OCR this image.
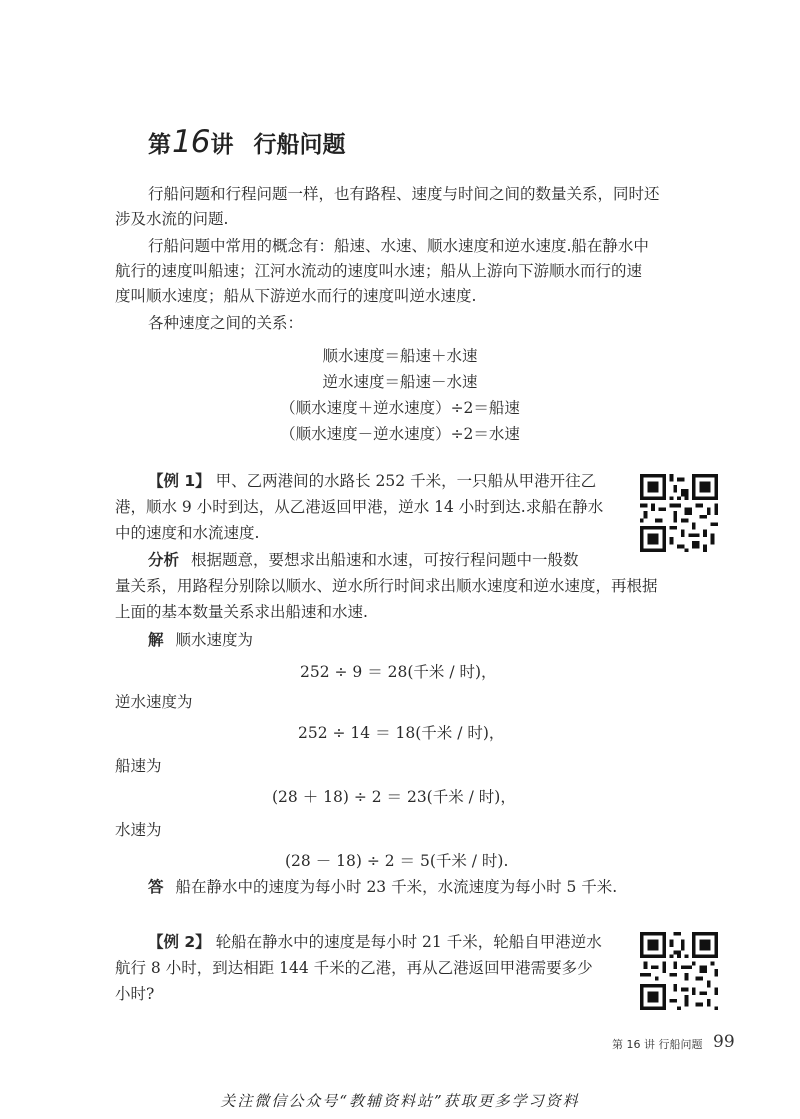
第 16 讲 行船问题
行船问题和行程问题一样，也有路程、速度与时间之间的数量关系，同时还
涉及水流的问题.
行船问题中常用的概念有：船速、水速、顺水速度和逆水速度.船在静水中
航行的速度叫船速；江河水流动的速度叫水速；船从上游向下游顺水而行的速
度叫顺水速度；船从下游逆水而行的速度叫逆水速度.
各种速度之间的关系：
顺水速度＝船速＋水速
逆水速度＝船速－水速
（顺水速度＋逆水速度）÷2＝船速
（顺水速度－逆水速度）÷2＝水速
【例 1】 甲、乙两港间的水路长 252 千米，一只船从甲港开往乙
港，顺水 9 小时到达，从乙港返回甲港，逆水 14 小时到达.求船在静水
中的速度和水流速度.
分析 根据题意，要想求出船速和水速，可按行程问题中一般数
量关系，用路程分别除以顺水、逆水所行时间求出顺水速度和逆水速度，再根据
上面的基本数量关系求出船速和水速.
解 顺水速度为
252 ÷ 9 ＝ 28(千米 / 时)，
逆水速度为
252 ÷ 14 ＝ 18(千米 / 时)，
船速为
(28 ＋ 18) ÷ 2 ＝ 23(千米 / 时)，
水速为
(28 － 18) ÷ 2 ＝ 5(千米 / 时).
答 船在静水中的速度为每小时 23 千米，水流速度为每小时 5 千米.
【例 2】 轮船在静水中的速度是每小时 21 千米，轮船自甲港逆水
航行 8 小时，到达相距 144 千米的乙港，再从乙港返回甲港需要多少
小时?
第 16 讲 行船问题 99
关注微信公众号“教辅资料站”获取更多学习资料
